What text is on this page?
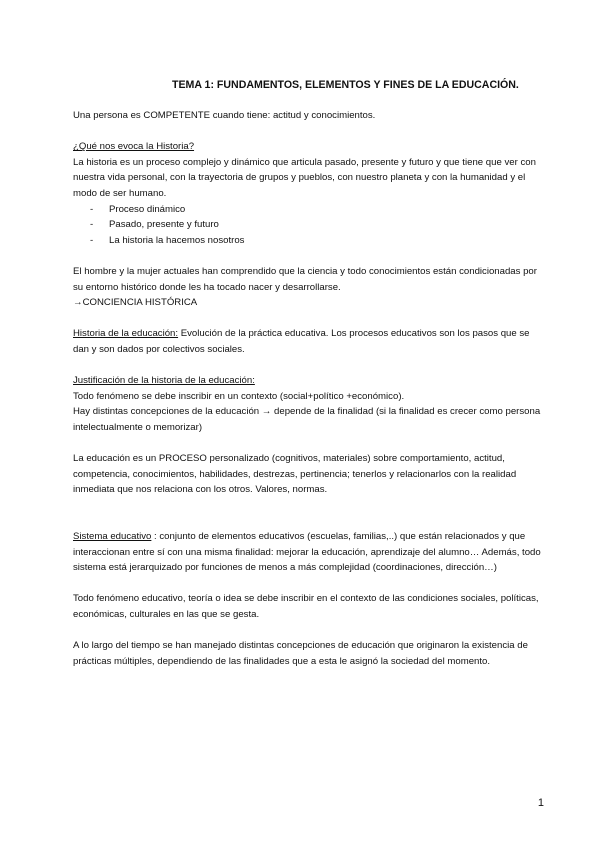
TEMA 1: FUNDAMENTOS, ELEMENTOS Y FINES DE LA EDUCACIÓN.

Una persona es COMPETENTE cuando tiene: actitud y conocimientos.

¿Qué nos evoca la Historia?

La historia es un proceso complejo y dinámico que articula pasado, presente y futuro y que tiene que ver con nuestra vida personal, con la trayectoria de grupos y pueblos, con nuestro planeta y con la humanidad y el modo de ser humano.

- Proceso dinámico
- Pasado, presente y futuro
- La historia la hacemos nosotros

El hombre y la mujer actuales han comprendido que la ciencia y todo conocimientos están condicionadas por su entorno histórico donde les ha tocado nacer y desarrollarse.

→CONCIENCIA HISTÓRICA

Historia de la educación: Evolución de la práctica educativa. Los procesos educativos son los pasos que se dan y son dados por colectivos sociales.

Justificación de la historia de la educación:

Todo fenómeno se debe inscribir en un contexto (social+político +económico).

Hay distintas concepciones de la educación → depende de la finalidad (si la finalidad es crecer como persona intelectualmente o memorizar)

La educación es un PROCESO personalizado (cognitivos, materiales) sobre comportamiento, actitud, competencia, conocimientos, habilidades, destrezas, pertinencia; tenerlos y relacionarlos con la realidad inmediata que nos relaciona con los otros. Valores, normas.

Sistema educativo : conjunto de elementos educativos (escuelas, familias,..) que están relacionados y que interaccionan entre sí con una misma finalidad: mejorar la educación, aprendizaje del alumno… Además, todo sistema está jerarquizado por funciones de menos a más complejidad (coordinaciones, dirección…)

Todo fenómeno educativo, teoría o idea se debe inscribir en el contexto de las condiciones sociales, políticas, económicas, culturales en las que se gesta.

A lo largo del tiempo se han manejado distintas concepciones de educación que originaron la existencia de prácticas múltiples, dependiendo de las finalidades que a esta le asignó la sociedad del momento.

1
